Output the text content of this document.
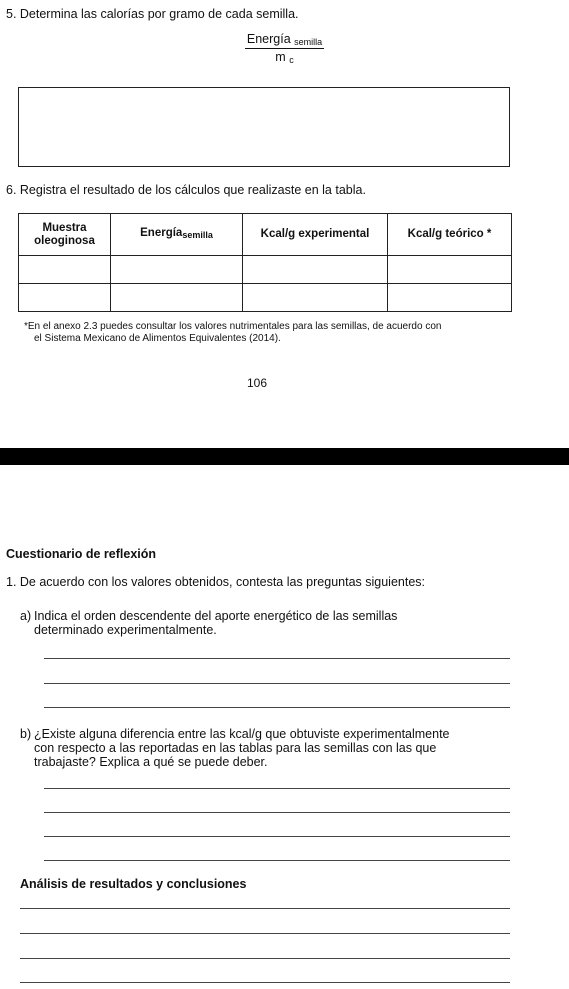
5. Determina las calorías por gramo de cada semilla.
Energía $_{semilla}$
m $_c$
6. Registra el resultado de los cálculos que realizaste en la tabla.
Muestra oleoginosa	Energía$_{semilla}$	Kcal/g experimental	Kcal/g teórico *

*En el anexo 2.3 puedes consultar los valores nutrimentales para las semillas, de acuerdo con
el Sistema Mexicano de Alimentos Equivalentes (2014).
106
Cuestionario de reflexión
1. De acuerdo con los valores obtenidos, contesta las preguntas siguientes:
a) Indica el orden descendente del aporte energético de las semillas
determinado experimentalmente.
b) ¿Existe alguna diferencia entre las kcal/g que obtuviste experimentalmente
con respecto a las reportadas en las tablas para las semillas con las que
trabajaste? Explica a qué se puede deber.
Análisis de resultados y conclusiones
